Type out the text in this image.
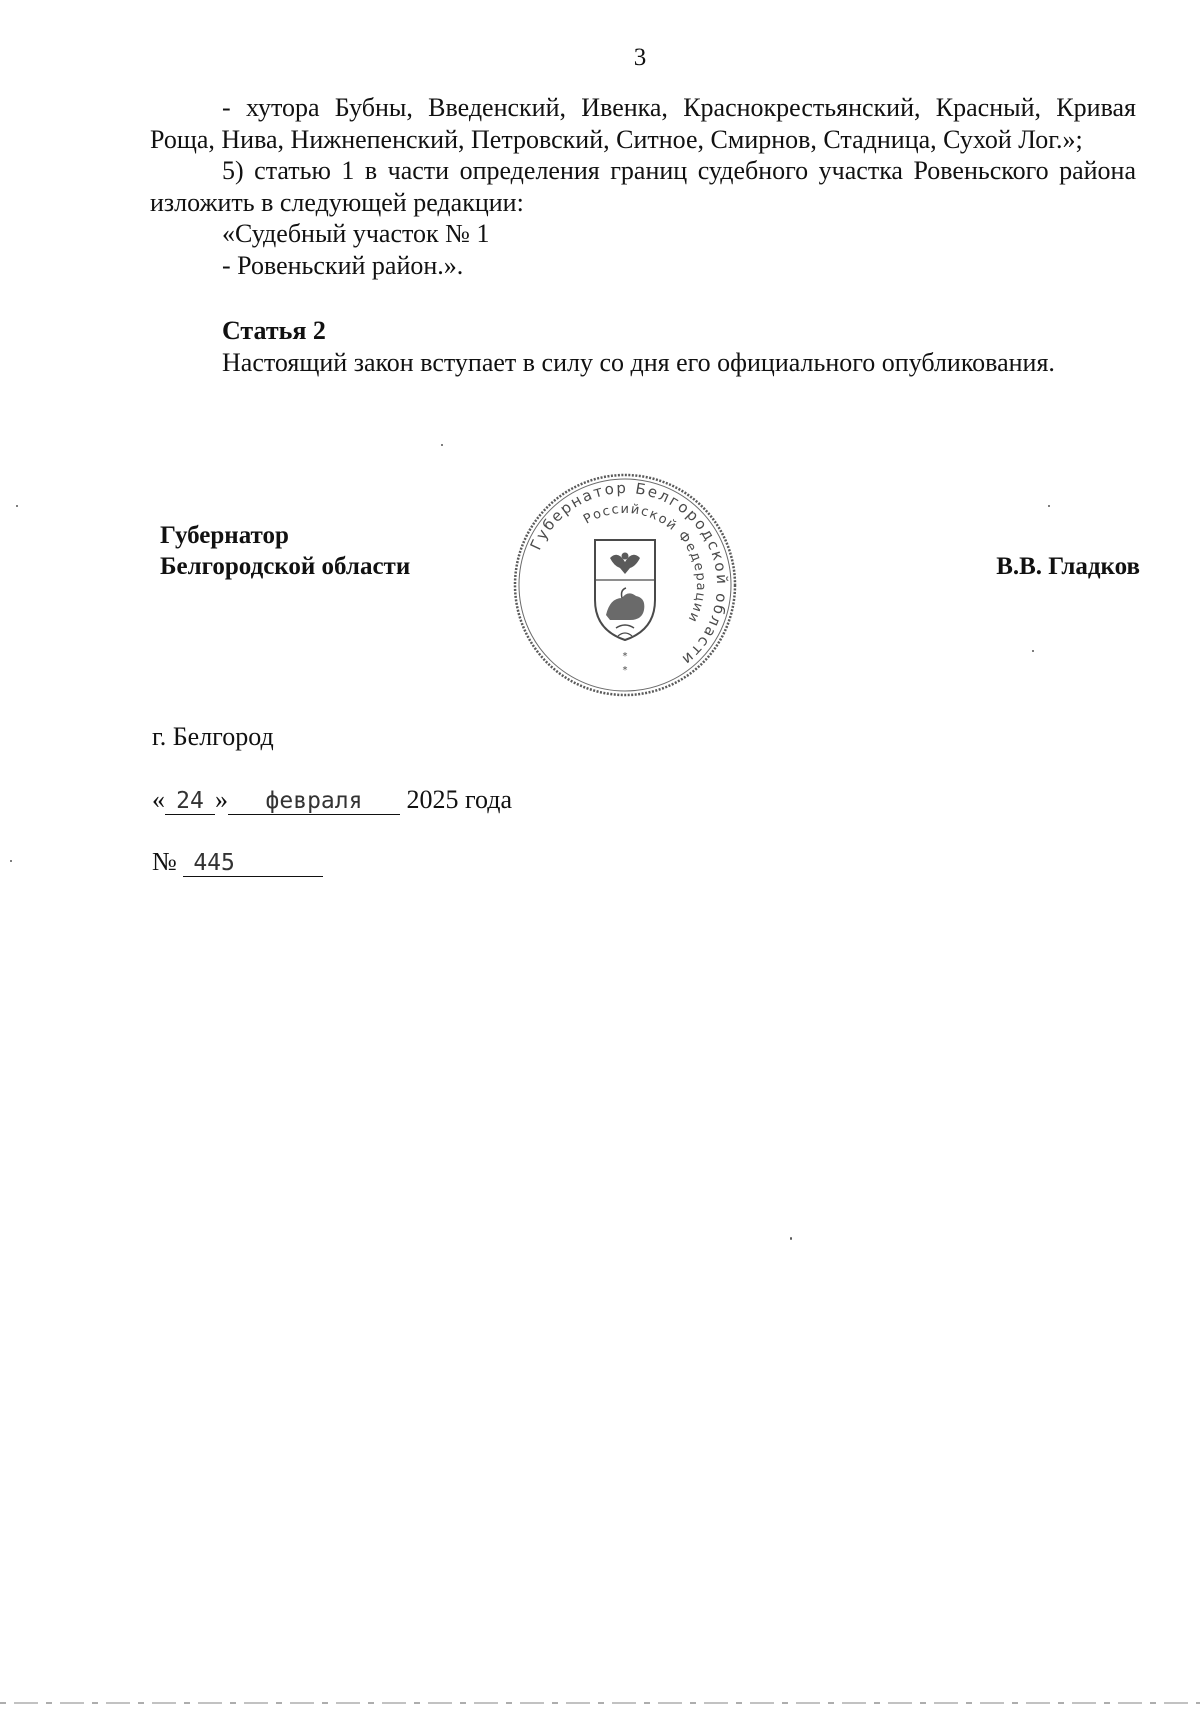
3

- хутора Бубны, Введенский, Ивенка, Краснокрестьянский, Красный, Кривая Роща, Нива, Нижнепенский, Петровский, Ситное, Смирнов, Стадница, Сухой Лог.»;

5) статью 1 в части определения границ судебного участка Ровеньского района изложить в следующей редакции:

«Судебный участок № 1

- Ровеньский район.».

Статья 2

Настоящий закон вступает в силу со дня его официального опубликования.

Губернатор
Белгородской области	В.В. Гладков
Губернатор Белгородской области
Российской Федерации
*
*
г. Белгород
« 24 » февраля 2025 года
№ 445
